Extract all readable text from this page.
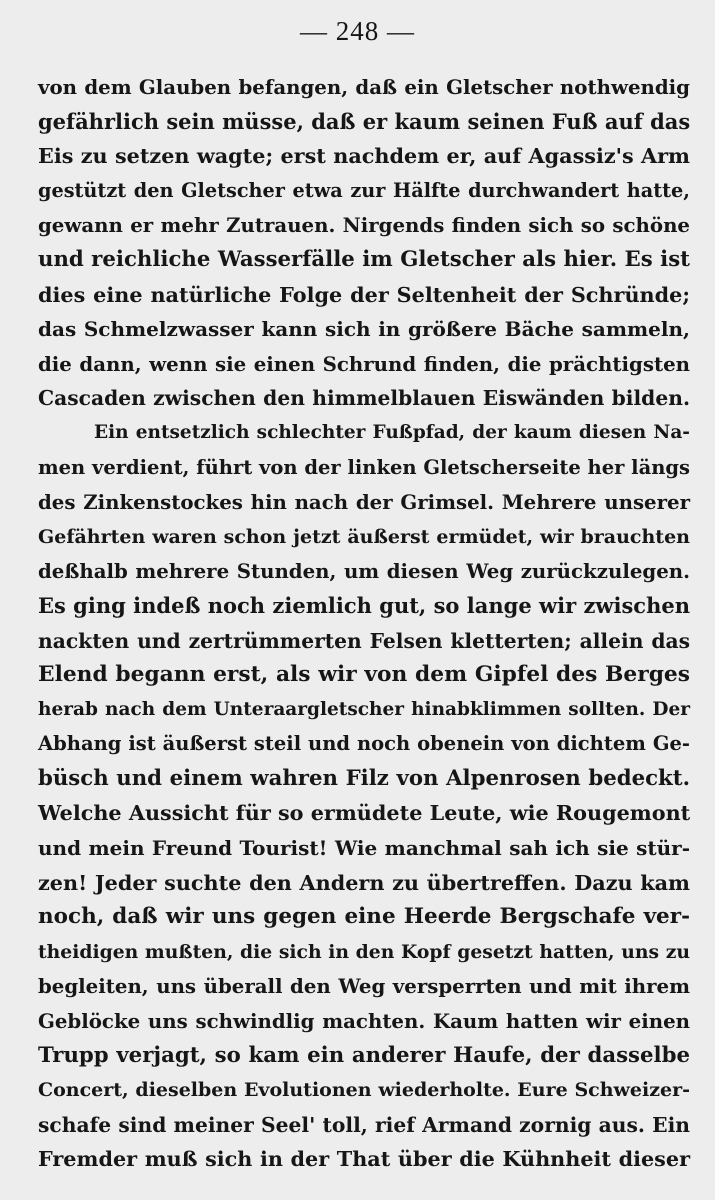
— 248 —
von dem Glauben befangen, daß ein Gletscher nothwendig
gefährlich sein müsse, daß er kaum seinen Fuß auf das
Eis zu setzen wagte; erst nachdem er, auf Agassiz's Arm
gestützt den Gletscher etwa zur Hälfte durchwandert hatte,
gewann er mehr Zutrauen. Nirgends finden sich so schöne
und reichliche Wasserfälle im Gletscher als hier. Es ist
dies eine natürliche Folge der Seltenheit der Schründe;
das Schmelzwasser kann sich in größere Bäche sammeln,
die dann, wenn sie einen Schrund finden, die prächtigsten
Cascaden zwischen den himmelblauen Eiswänden bilden.
Ein entsetzlich schlechter Fußpfad, der kaum diesen Na-
men verdient, führt von der linken Gletscherseite her längs
des Zinkenstockes hin nach der Grimsel. Mehrere unserer
Gefährten waren schon jetzt äußerst ermüdet, wir brauchten
deßhalb mehrere Stunden, um diesen Weg zurückzulegen.
Es ging indeß noch ziemlich gut, so lange wir zwischen
nackten und zertrümmerten Felsen kletterten; allein das
Elend begann erst, als wir von dem Gipfel des Berges
herab nach dem Unteraargletscher hinabklimmen sollten. Der
Abhang ist äußerst steil und noch obenein von dichtem Ge-
büsch und einem wahren Filz von Alpenrosen bedeckt.
Welche Aussicht für so ermüdete Leute, wie Rougemont
und mein Freund Tourist! Wie manchmal sah ich sie stür-
zen! Jeder suchte den Andern zu übertreffen. Dazu kam
noch, daß wir uns gegen eine Heerde Bergschafe ver-
theidigen mußten, die sich in den Kopf gesetzt hatten, uns zu
begleiten, uns überall den Weg versperrten und mit ihrem
Geblöcke uns schwindlig machten. Kaum hatten wir einen
Trupp verjagt, so kam ein anderer Haufe, der dasselbe
Concert, dieselben Evolutionen wiederholte. Eure Schweizer-
schafe sind meiner Seel' toll, rief Armand zornig aus. Ein
Fremder muß sich in der That über die Kühnheit dieser
